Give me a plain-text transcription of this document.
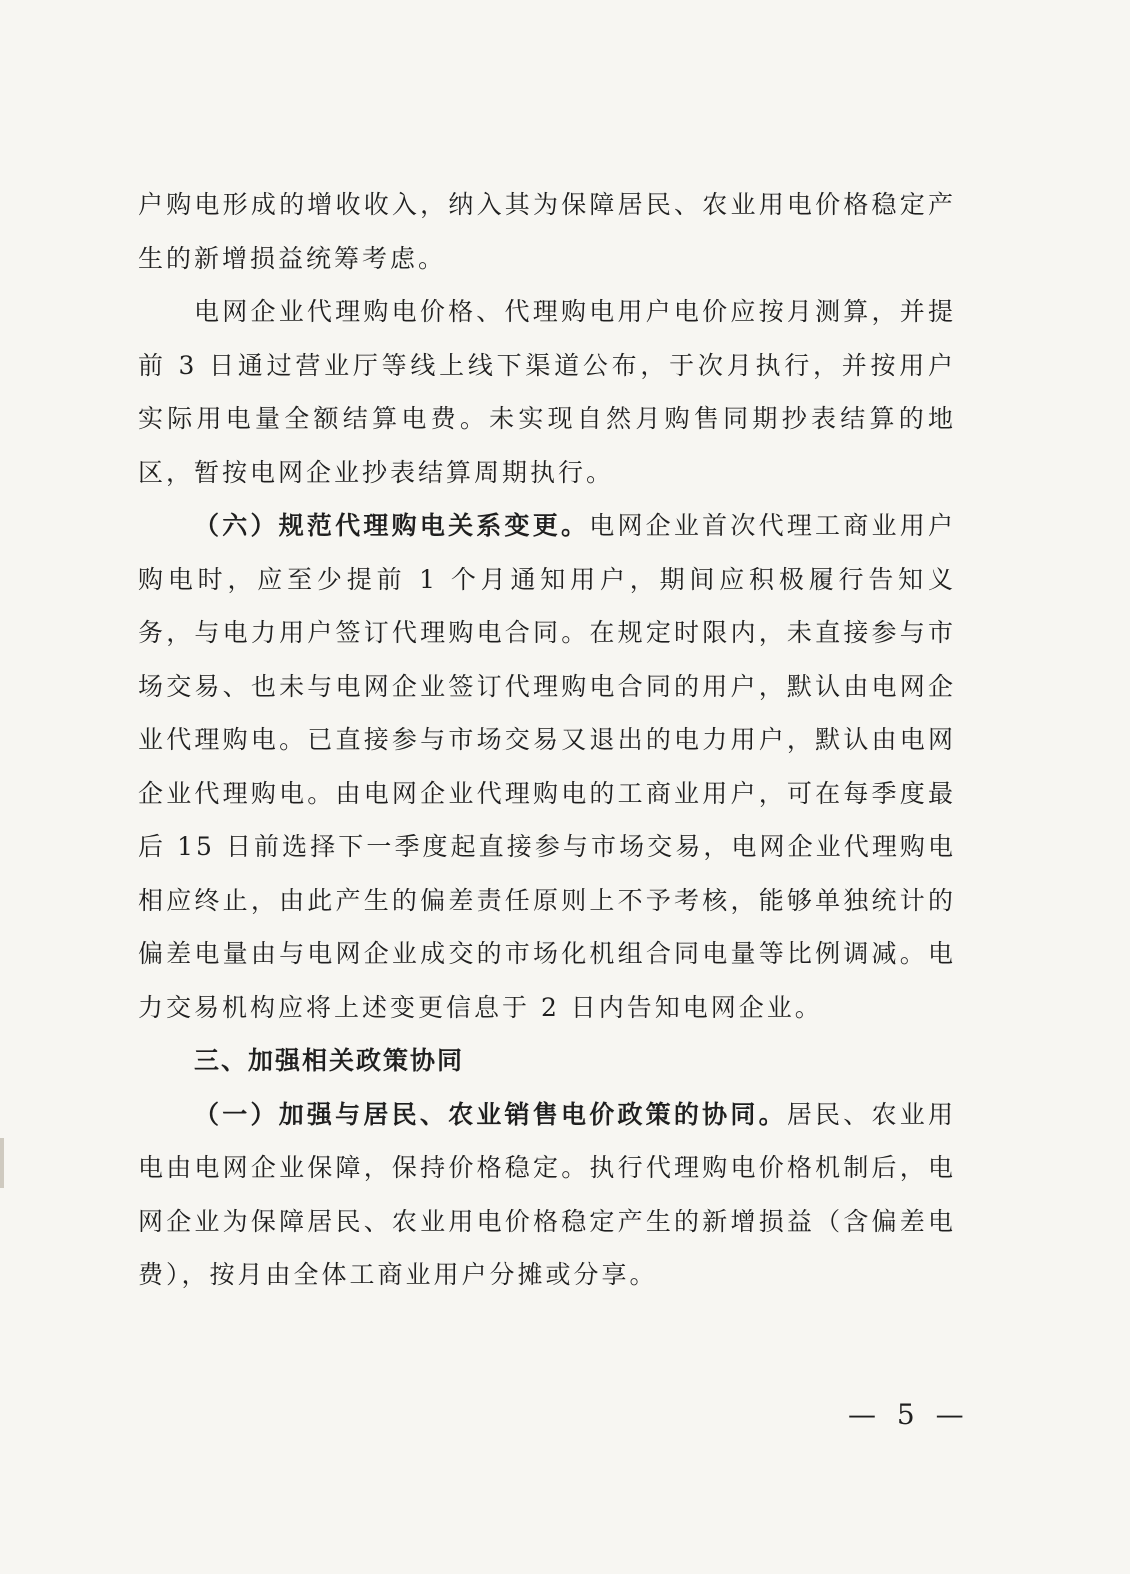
户购电形成的增收收入，纳入其为保障居民、农业用电价格稳定产生的新增损益统筹考虑。

电网企业代理购电价格、代理购电用户电价应按月测算，并提前 3 日通过营业厅等线上线下渠道公布，于次月执行，并按用户实际用电量全额结算电费。未实现自然月购售同期抄表结算的地区，暂按电网企业抄表结算周期执行。

（六）规范代理购电关系变更。电网企业首次代理工商业用户购电时，应至少提前 1 个月通知用户，期间应积极履行告知义务，与电力用户签订代理购电合同。在规定时限内，未直接参与市场交易、也未与电网企业签订代理购电合同的用户，默认由电网企业代理购电。已直接参与市场交易又退出的电力用户，默认由电网企业代理购电。由电网企业代理购电的工商业用户，可在每季度最后 15 日前选择下一季度起直接参与市场交易，电网企业代理购电相应终止，由此产生的偏差责任原则上不予考核，能够单独统计的偏差电量由与电网企业成交的市场化机组合同电量等比例调减。电力交易机构应将上述变更信息于 2 日内告知电网企业。

三、加强相关政策协同

（一）加强与居民、农业销售电价政策的协同。居民、农业用电由电网企业保障，保持价格稳定。执行代理购电价格机制后，电网企业为保障居民、农业用电价格稳定产生的新增损益（含偏差电费），按月由全体工商业用户分摊或分享。

— 5 —
